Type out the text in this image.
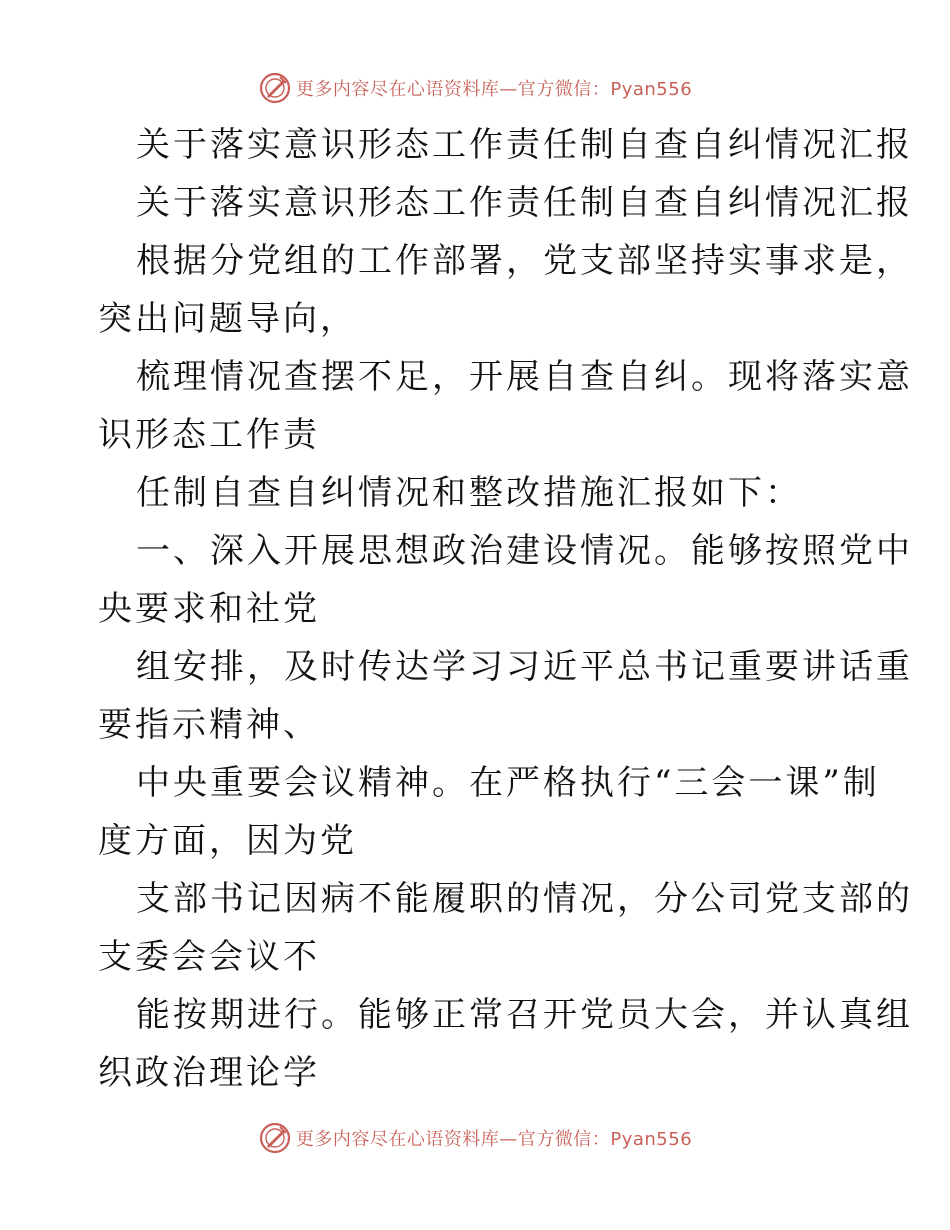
更多内容尽在心语资料库—官方微信：Pyan556
关于落实意识形态工作责任制自查自纠情况汇报
关于落实意识形态工作责任制自查自纠情况汇报
根据分党组的工作部署，党支部坚持实事求是，
突出问题导向，
梳理情况查摆不足，开展自查自纠。现将落实意
识形态工作责
任制自查自纠情况和整改措施汇报如下：
一、深入开展思想政治建设情况。能够按照党中
央要求和社党
组安排，及时传达学习习近平总书记重要讲话重
要指示精神、
中央重要会议精神。在严格执行“三会一课”制
度方面，因为党
支部书记因病不能履职的情况，分公司党支部的
支委会会议不
能按期进行。能够正常召开党员大会，并认真组
织政治理论学
更多内容尽在心语资料库—官方微信：Pyan556
